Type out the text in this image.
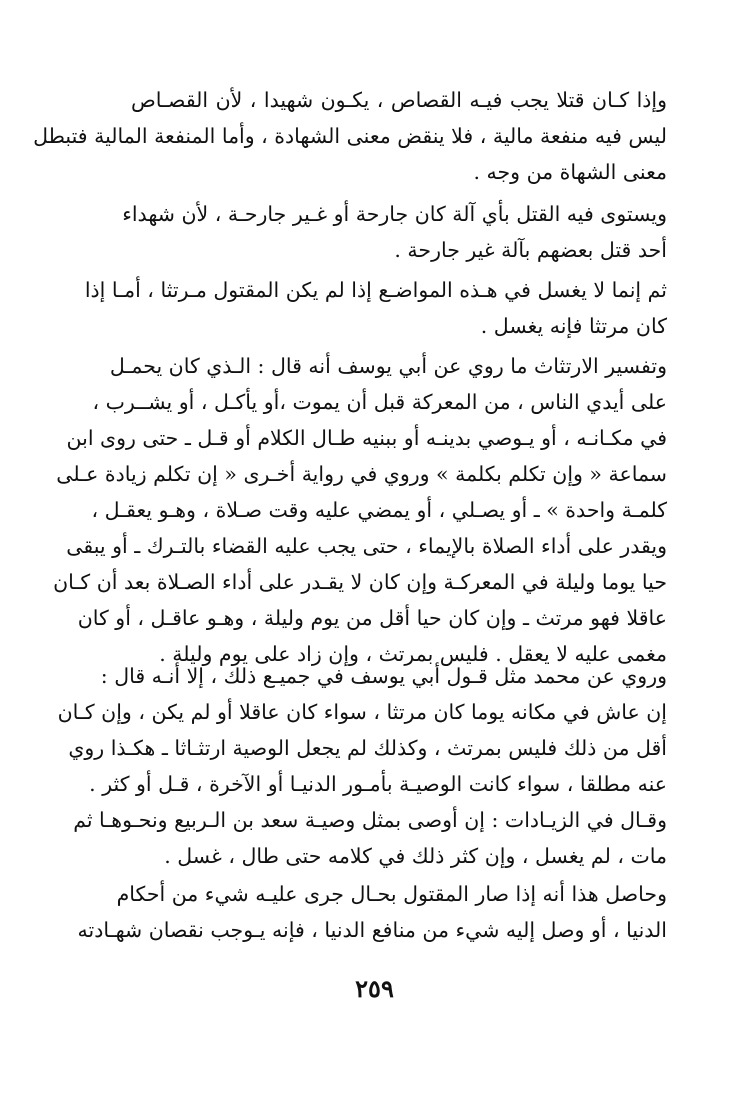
وإذا كـان قتلا يجب فيـه القصاص ، يكـون شهيدا ، لأن القصـاص
ليس فيه منفعة مالية ، فلا ينقض معنى الشهادة ، وأما المنفعة المالية فتبطل
معنى الشهاة من وجه .
ويستوى فيه القتل بأي آلة كان جارحة أو غـير جارحـة ، لأن شهداء
أحد قتل بعضهم بآلة غير جارحة .
ثم إنما لا يغسل في هـذه المواضـع إذا لم يكن المقتول مـرتثا ، أمـا إذا
كان مرتثا فإنه يغسل .
وتفسير الارتثاث ما روي عن أبي يوسف أنه قال : الـذي كان يحمـل
على أيدي الناس ، من المعركة قبل أن يموت ،أو يأكـل ، أو يشــرب ،
في مكـانـه ، أو يـوصي بدينـه أو ببنيه طـال الكلام أو قـل ـ حتى روى ابن
سماعة « وإن تكلم بكلمة » وروي في رواية أخـرى « إن تكلم زيادة عـلى
كلمـة واحدة » ـ أو يصـلي ، أو يمضي عليه وقت صـلاة ، وهـو يعقـل ،
ويقدر على أداء الصلاة بالإيماء ، حتى يجب عليه القضاء بالتـرك ـ أو يبقى
حيا يوما وليلة في المعركـة وإن كان لا يقـدر على أداء الصـلاة بعد أن كـان
عاقلا فهو مرتث ـ وإن كان حيا أقل من يوم وليلة ، وهـو عاقـل ، أو كان
مغمى عليه لا يعقل . فليس بمرتث ، وإن زاد على يوم وليلة .
وروي عن محمد مثل قـول أبي يوسف في جميـع ذلك ، إلا أنـه قال :
إن عاش في مكانه يوما كان مرتثا ، سواء كان عاقلا أو لم يكن ، وإن كـان
أقل من ذلك فليس بمرتث ، وكذلك لم يجعل الوصية ارتثـاثا ـ هكـذا روي
عنه مطلقا ، سواء كانت الوصيـة بأمـور الدنيـا أو الآخرة ، قـل أو كثر .
وقـال في الزيـادات : إن أوصى بمثل وصيـة سعد بن الـربيع ونحـوهـا ثم
مات ، لم يغسل ، وإن كثر ذلك في كلامه حتى طال ، غسل .
وحاصل هذا أنه إذا صار المقتول بحـال جرى عليـه شيء من أحكام
الدنيا ، أو وصل إليه شيء من منافع الدنيا ، فإنه يـوجب نقصان شهـادته
٢٥٩
